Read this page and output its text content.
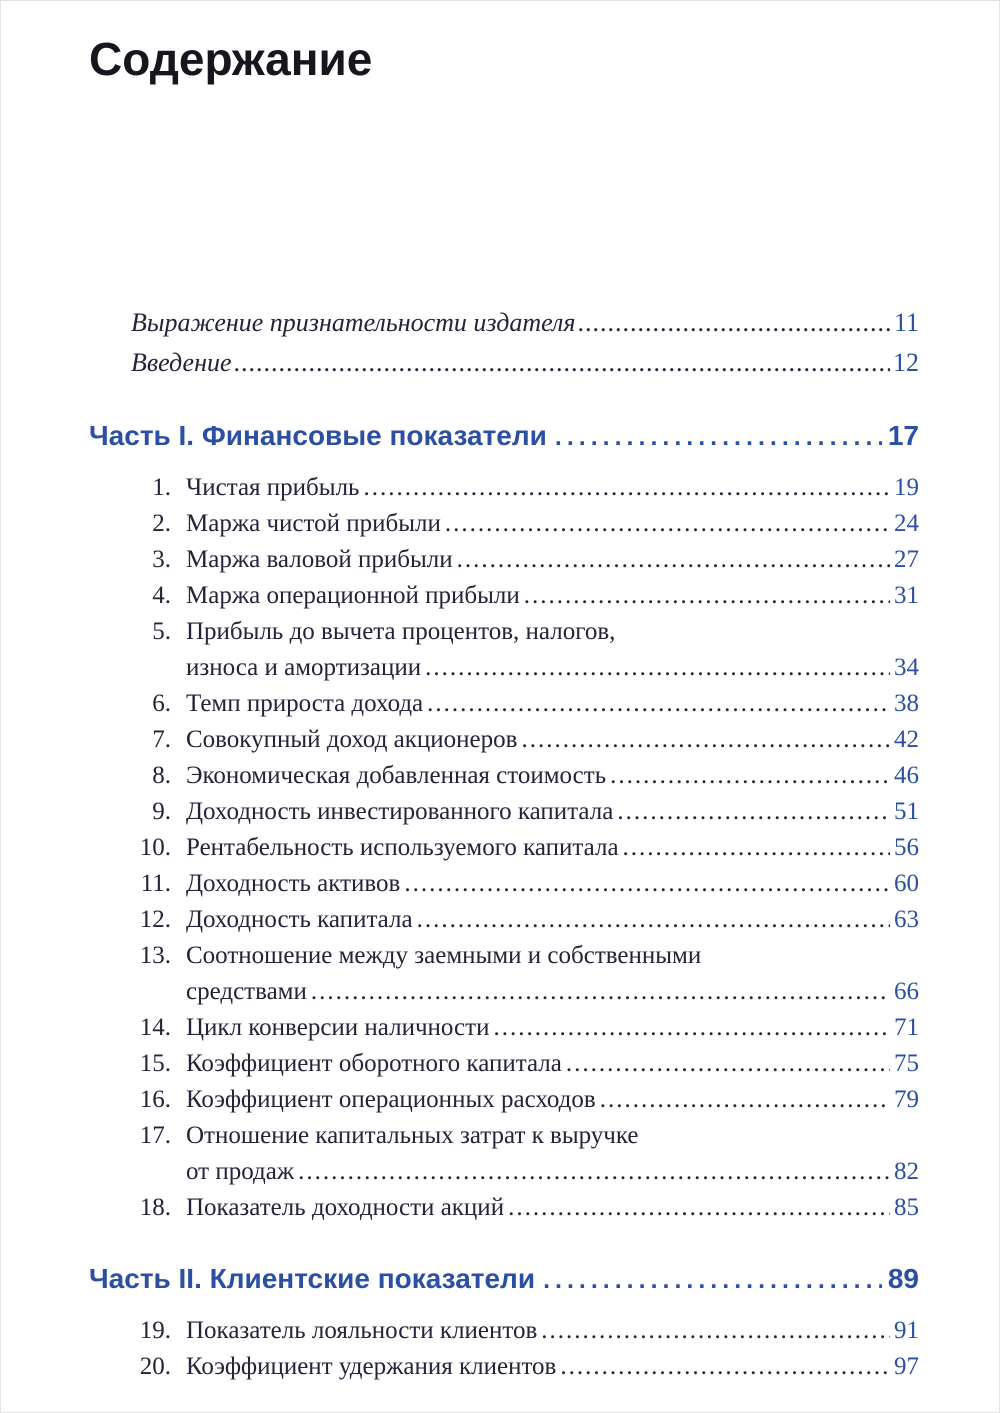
Содержание
Выражение признательности издателя .....	11
Введение .....	12
Часть I. Финансовые показатели .....	17
1. Чистая прибыль .....	19
2. Маржа чистой прибыли .....	24
3. Маржа валовой прибыли .....	27
4. Маржа операционной прибыли .....	31
5. Прибыль до вычета процентов, налогов,
износа и амортизации .....	34
6. Темп прироста дохода .....	38
7. Совокупный доход акционеров .....	42
8. Экономическая добавленная стоимость .....	46
9. Доходность инвестированного капитала .....	51
10. Рентабельность используемого капитала .....	56
11. Доходность активов .....	60
12. Доходность капитала .....	63
13. Соотношение между заемными и собственными
средствами .....	66
14. Цикл конверсии наличности .....	71
15. Коэффициент оборотного капитала .....	75
16. Коэффициент операционных расходов .....	79
17. Отношение капитальных затрат к выручке
от продаж .....	82
18. Показатель доходности акций .....	85
Часть II. Клиентские показатели .....	89
19. Показатель лояльности клиентов .....	91
20. Коэффициент удержания клиентов .....	97
